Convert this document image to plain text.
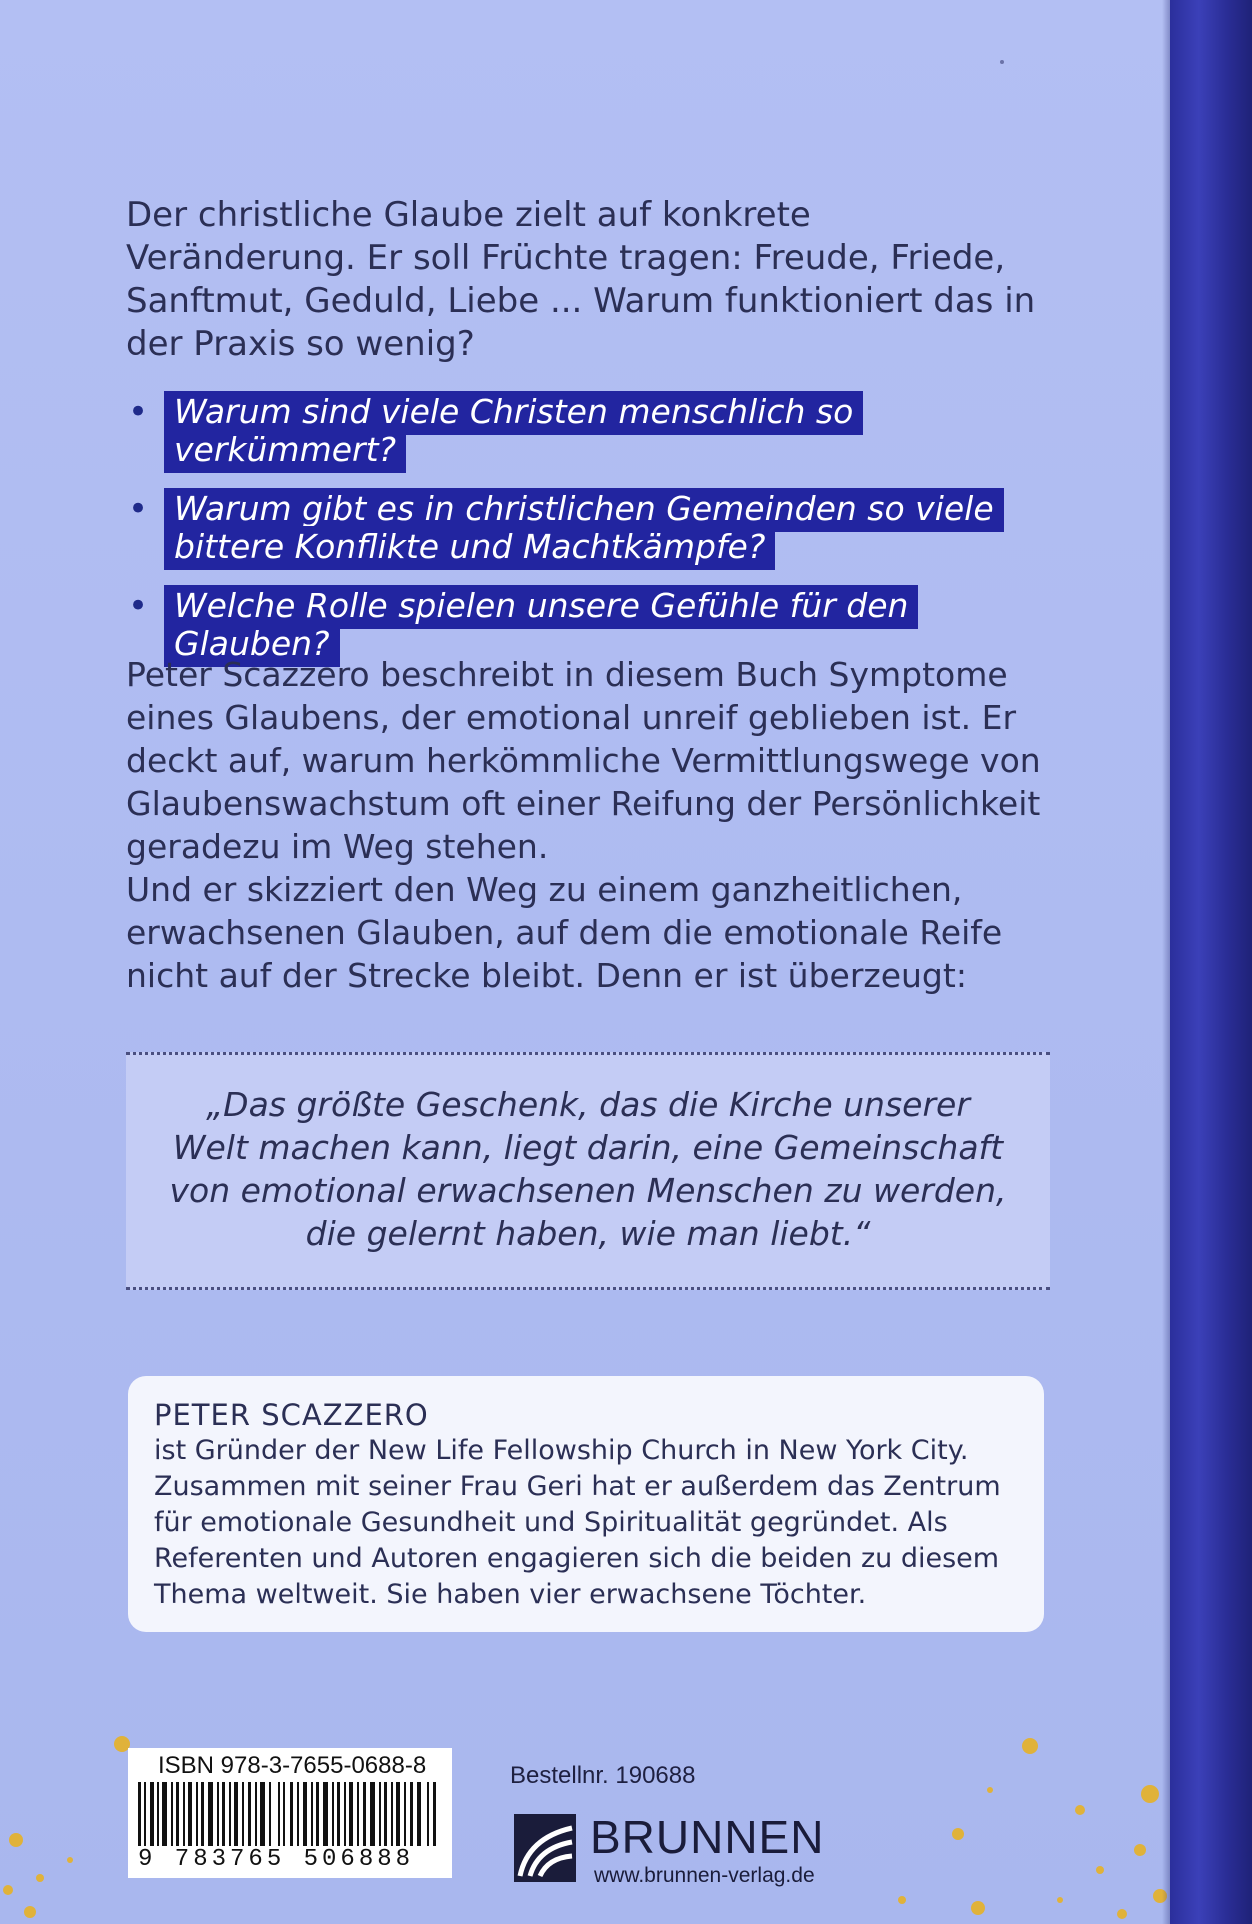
Der christliche Glaube zielt auf konkrete Veränderung. Er soll Früchte tragen: Freude, Friede, Sanftmut, Geduld, Liebe ... Warum funktioniert das in der Praxis so wenig?

• Warum sind viele Christen menschlich so verkümmert?
• Warum gibt es in christlichen Gemeinden so viele bittere Konflikte und Machtkämpfe?
• Welche Rolle spielen unsere Gefühle für den Glauben?
Peter Scazzero beschreibt in diesem Buch Symptome eines Glaubens, der emotional unreif geblieben ist. Er deckt auf, warum herkömmliche Vermittlungswege von Glaubenswachstum oft einer Reifung der Persönlichkeit geradezu im Weg stehen.
Und er skizziert den Weg zu einem ganzheitlichen, erwachsenen Glauben, auf dem die emotionale Reife nicht auf der Strecke bleibt. Denn er ist überzeugt:
„Das größte Geschenk, das die Kirche unserer Welt machen kann, liegt darin, eine Gemeinschaft von emotional erwachsenen Menschen zu werden, die gelernt haben, wie man liebt.“
PETER SCAZZERO

ist Gründer der New Life Fellowship Church in New York City. Zusammen mit seiner Frau Geri hat er außerdem das Zentrum für emotionale Gesundheit und Spiritualität gegründet. Als Referenten und Autoren engagieren sich die beiden zu diesem Thema weltweit. Sie haben vier erwachsene Töchter.

ISBN 978-3-7655-0688-8
9 783765 506888
Bestellnr. 190688
BRUNNEN
www.brunnen-verlag.de
